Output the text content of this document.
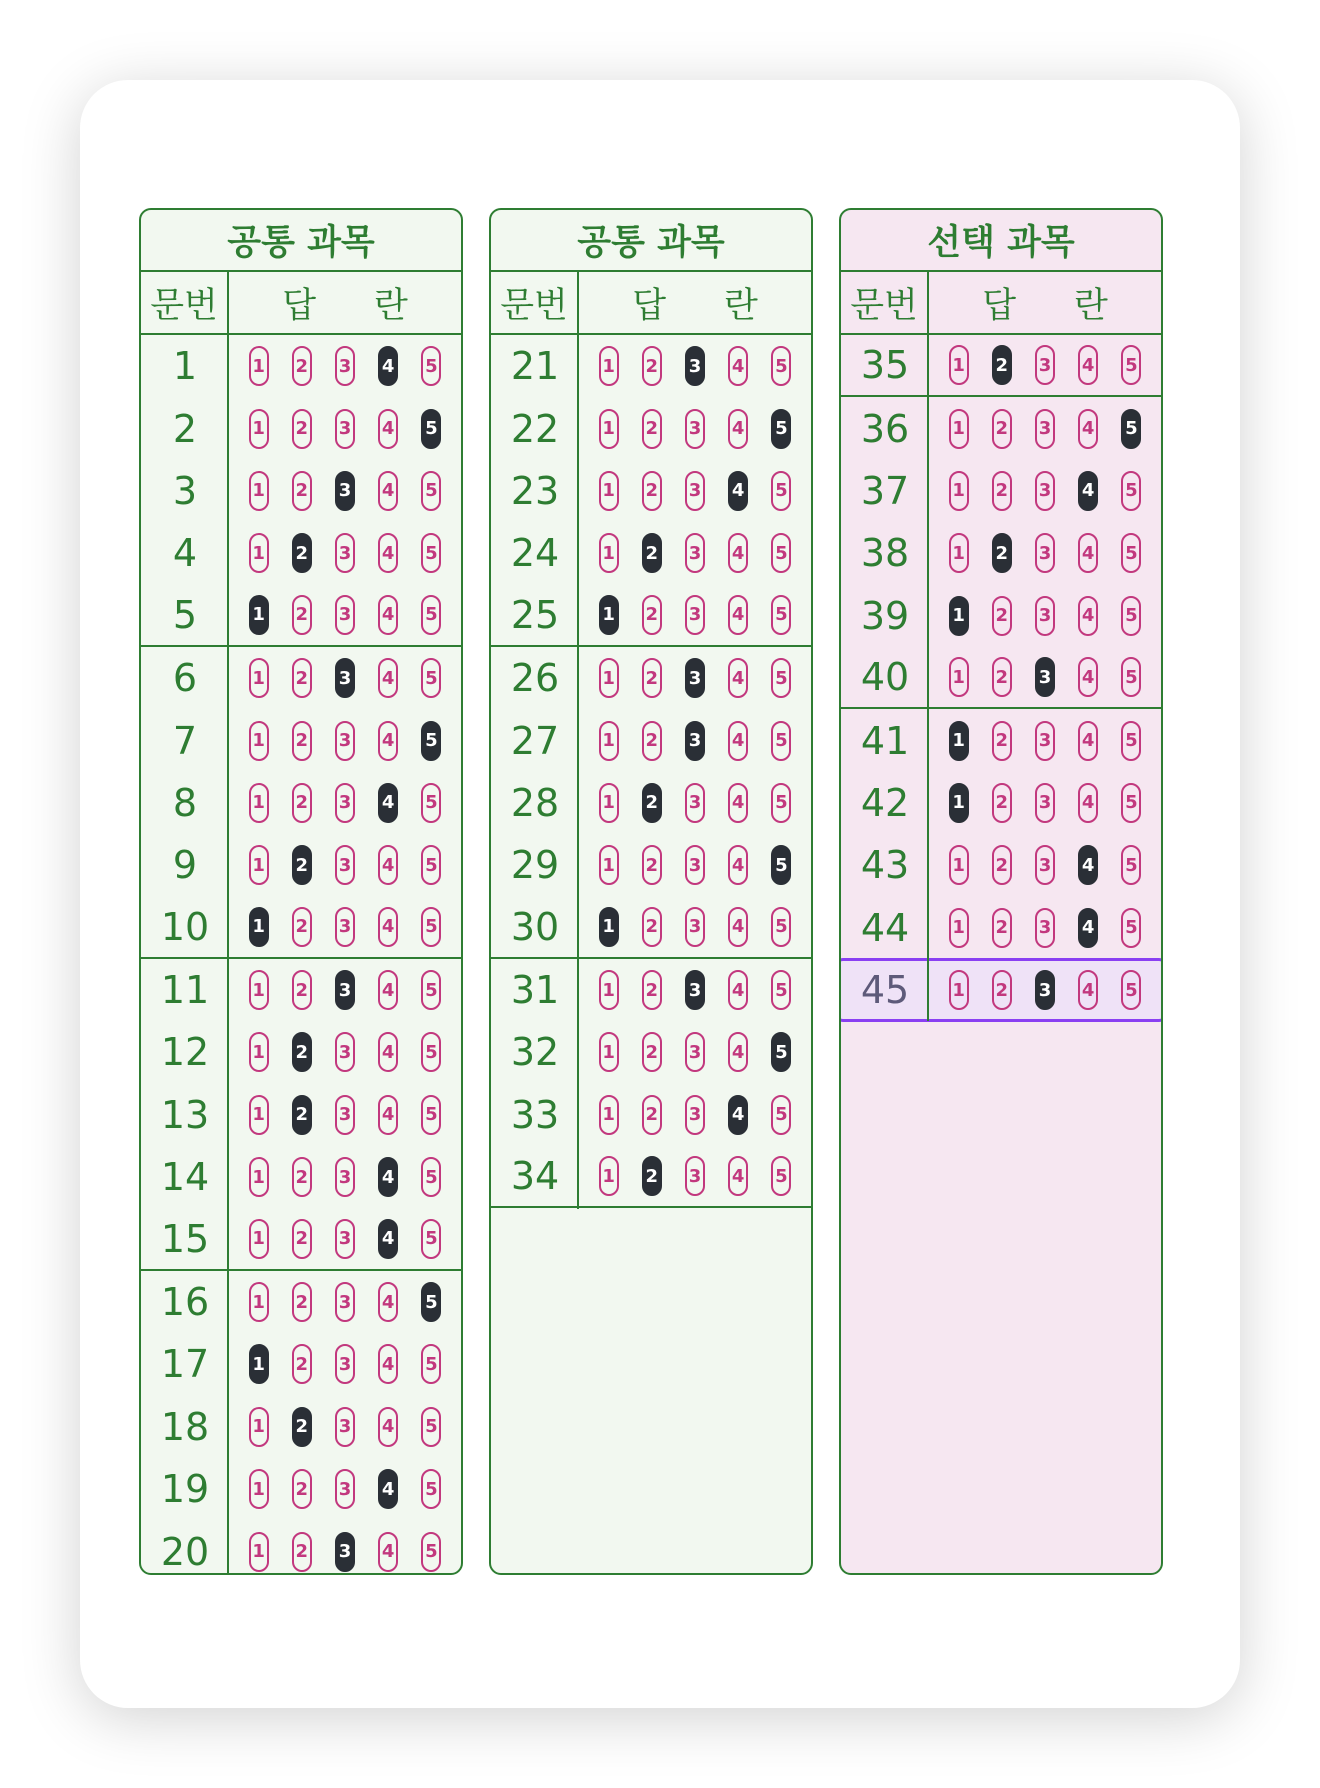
공통 과목
문번	답 란
1	1 2 3 4 5
2	1 2 3 4 5
3	1 2 3 4 5
4	1 2 3 4 5
5	1 2 3 4 5
6	1 2 3 4 5
7	1 2 3 4 5
8	1 2 3 4 5
9	1 2 3 4 5
10	1 2 3 4 5
11	1 2 3 4 5
12	1 2 3 4 5
13	1 2 3 4 5
14	1 2 3 4 5
15	1 2 3 4 5
16	1 2 3 4 5
17	1 2 3 4 5
18	1 2 3 4 5
19	1 2 3 4 5
20	1 2 3 4 5
공통 과목
문번	답 란
21	1 2 3 4 5
22	1 2 3 4 5
23	1 2 3 4 5
24	1 2 3 4 5
25	1 2 3 4 5
26	1 2 3 4 5
27	1 2 3 4 5
28	1 2 3 4 5
29	1 2 3 4 5
30	1 2 3 4 5
31	1 2 3 4 5
32	1 2 3 4 5
33	1 2 3 4 5
34	1 2 3 4 5
선택 과목
문번	답 란
35	1 2 3 4 5
36	1 2 3 4 5
37	1 2 3 4 5
38	1 2 3 4 5
39	1 2 3 4 5
40	1 2 3 4 5
41	1 2 3 4 5
42	1 2 3 4 5
43	1 2 3 4 5
44	1 2 3 4 5
45	1 2 3 4 5
